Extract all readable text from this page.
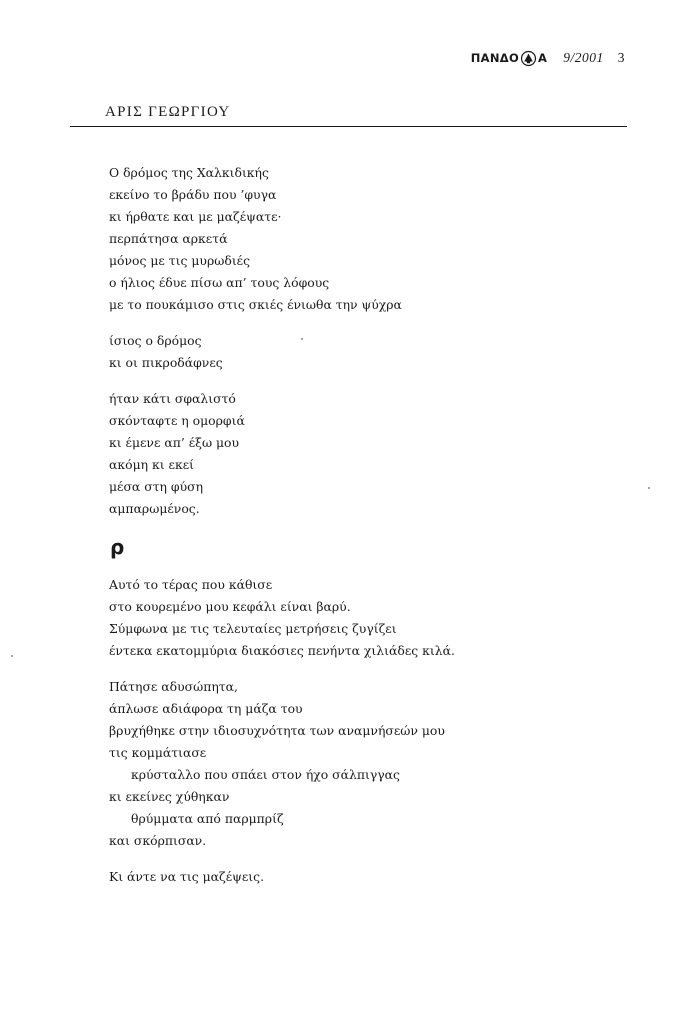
ΠΑΝΔΟ Α 9/2001 3
ΑΡΙΣ ΓΕΩΡΓΙΟΥ
Ο δρόμος της Χαλκιδικής
εκείνο το βράδυ που ’φυγα
κι ήρθατε και με μαζέψατε·
περπάτησα αρκετά
μόνος με τις μυρωδιές
ο ήλιος έδυε πίσω απ’ τους λόφους
με το πουκάμισο στις σκιές ένιωθα την ψύχρα
ίσιος ο δρόμος
κι οι πικροδάφνες
ήταν κάτι σφαλιστό
σκόνταφτε η ομορφιά
κι έμενε απ’ έξω μου
ακόμη κι εκεί
μέσα στη φύση
αμπαρωμένος.
ρ
Αυτό το τέρας που κάθισε
στο κουρεμένο μου κεφάλι είναι βαρύ.
Σύμφωνα με τις τελευταίες μετρήσεις ζυγίζει
έντεκα εκατομμύρια διακόσιες πενήντα χιλιάδες κιλά.
Πάτησε αδυσώπητα,
άπλωσε αδιάφορα τη μάζα του
βρυχήθηκε στην ιδιοσυχνότητα των αναμνήσεών μου
τις κομμάτιασε
κρύσταλλο που σπάει στον ήχο σάλπιγγας
κι εκείνες χύθηκαν
θρύμματα από παρμπρίζ
και σκόρπισαν.
Κι άντε να τις μαζέψεις.
